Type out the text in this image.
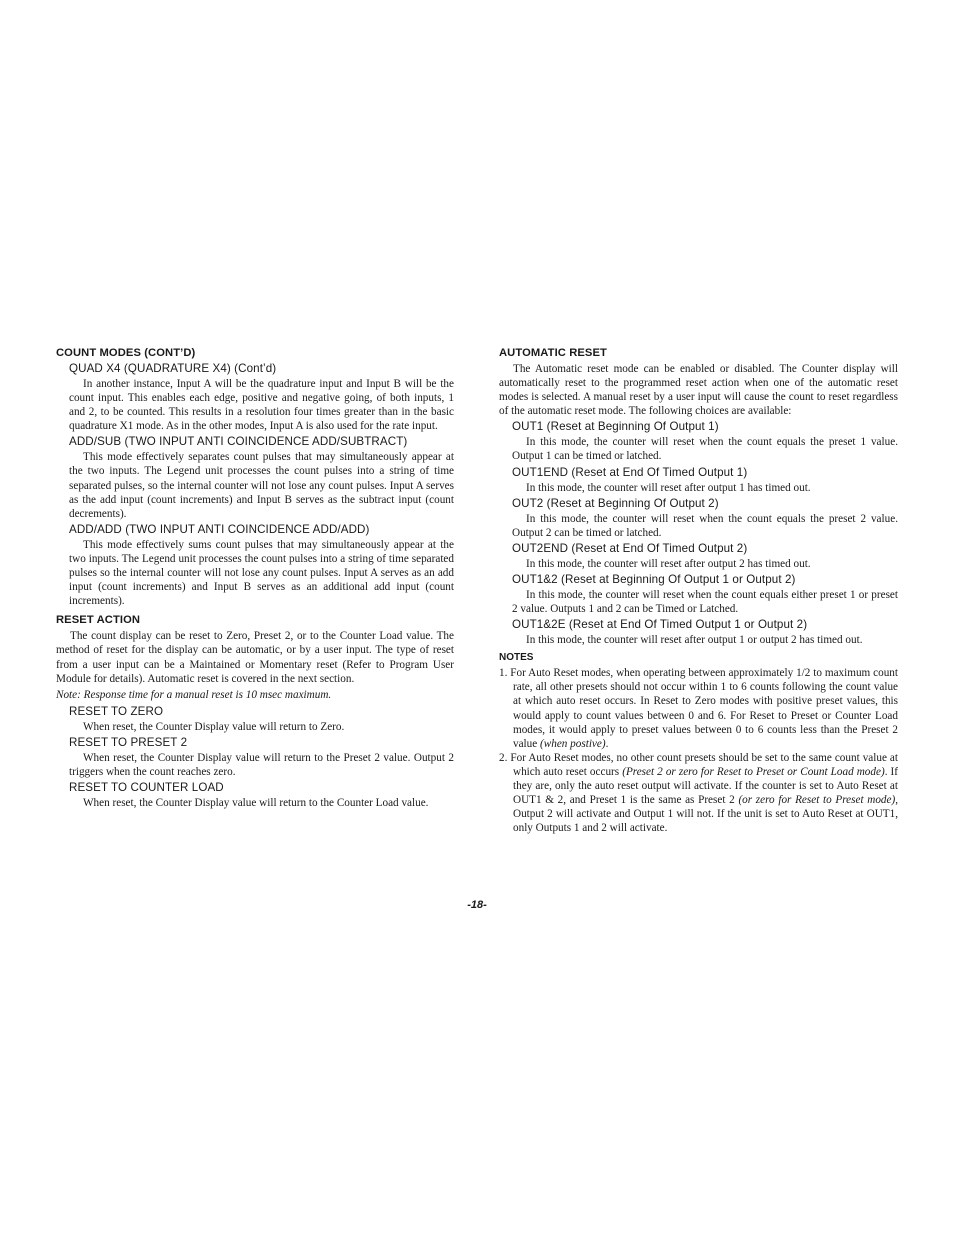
COUNT MODES (CONT’D)
QUAD X4 (QUADRATURE X4) (Cont’d)
In another instance, Input A will be the quadrature input and Input B will be the count input. This enables each edge, positive and negative going, of both inputs, 1 and 2, to be counted. This results in a resolution four times greater than in the basic quadrature X1 mode. As in the other modes, Input A is also used for the rate input.
ADD/SUB (TWO INPUT ANTI COINCIDENCE ADD/SUBTRACT)
This mode effectively separates count pulses that may simultaneously appear at the two inputs. The Legend unit processes the count pulses into a string of time separated pulses, so the internal counter will not lose any count pulses. Input A serves as the add input (count increments) and Input B serves as the subtract input (count decrements).
ADD/ADD (TWO INPUT ANTI COINCIDENCE ADD/ADD)
This mode effectively sums count pulses that may simultaneously appear at the two inputs. The Legend unit processes the count pulses into a string of time separated pulses so the internal counter will not lose any count pulses. Input A serves as an add input (count increments) and Input B serves as an additional add input (count increments).
RESET ACTION
The count display can be reset to Zero, Preset 2, or to the Counter Load value. The method of reset for the display can be automatic, or by a user input. The type of reset from a user input can be a Maintained or Momentary reset (Refer to Program User Module for details). Automatic reset is covered in the next section.
Note: Response time for a manual reset is 10 msec maximum.
RESET TO ZERO
When reset, the Counter Display value will return to Zero.
RESET TO PRESET 2
When reset, the Counter Display value will return to the Preset 2 value. Output 2 triggers when the count reaches zero.
RESET TO COUNTER LOAD
When reset, the Counter Display value will return to the Counter Load value.
AUTOMATIC RESET
The Automatic reset mode can be enabled or disabled. The Counter display will automatically reset to the programmed reset action when one of the automatic reset modes is selected. A manual reset by a user input will cause the count to reset regardless of the automatic reset mode. The following choices are available:
OUT1 (Reset at Beginning Of Output 1)
In this mode, the counter will reset when the count equals the preset 1 value. Output 1 can be timed or latched.
OUT1END (Reset at End Of Timed Output 1)
In this mode, the counter will reset after output 1 has timed out.
OUT2 (Reset at Beginning Of Output 2)
In this mode, the counter will reset when the count equals the preset 2 value. Output 2 can be timed or latched.
OUT2END (Reset at End Of Timed Output 2)
In this mode, the counter will reset after output 2 has timed out.
OUT1&2 (Reset at Beginning Of Output 1 or Output 2)
In this mode, the counter will reset when the count equals either preset 1 or preset 2 value. Outputs 1 and 2 can be Timed or Latched.
OUT1&2E (Reset at End Of Timed Output 1 or Output 2)
In this mode, the counter will reset after output 1 or output 2 has timed out.
NOTES
1. For Auto Reset modes, when operating between approximately 1/2 to maximum count rate, all other presets should not occur within 1 to 6 counts following the count value at which auto reset occurs. In Reset to Zero modes with positive preset values, this would apply to count values between 0 and 6. For Reset to Preset or Counter Load modes, it would apply to preset values between 0 to 6 counts less than the Preset 2 value (when postive).
2. For Auto Reset modes, no other count presets should be set to the same count value at which auto reset occurs (Preset 2 or zero for Reset to Preset or Count Load mode). If they are, only the auto reset output will activate. If the counter is set to Auto Reset at OUT1 & 2, and Preset 1 is the same as Preset 2 (or zero for Reset to Preset mode), Output 2 will activate and Output 1 will not. If the unit is set to Auto Reset at OUT1, only Outputs 1 and 2 will activate.
-18-
